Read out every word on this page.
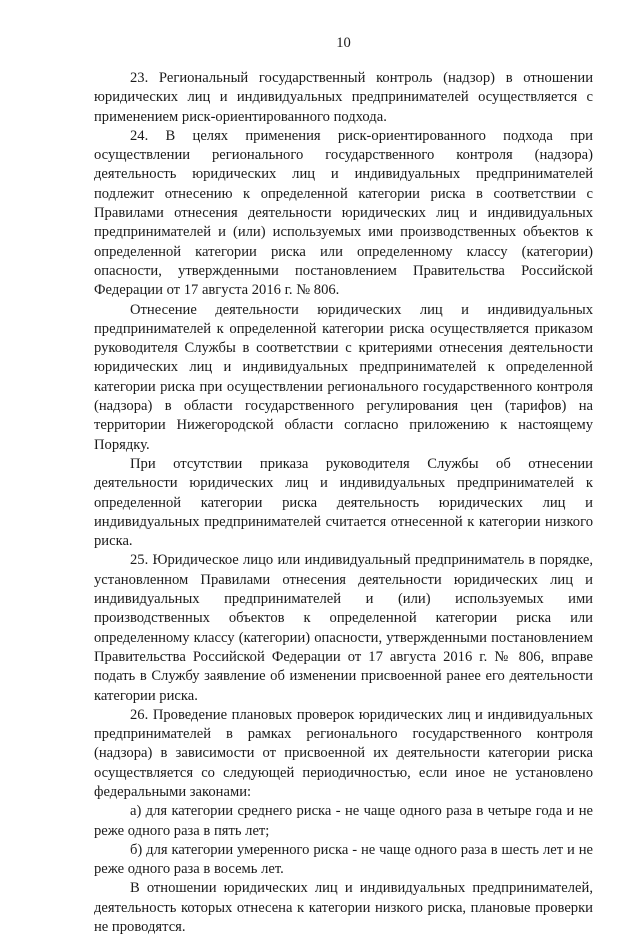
10

23. Региональный государственный контроль (надзор) в отношении юридических лиц и индивидуальных предпринимателей осуществляется с применением риск-ориентированного подхода.

24. В целях применения риск-ориентированного подхода при осуществлении регионального государственного контроля (надзора) деятельность юридических лиц и индивидуальных предпринимателей подлежит отнесению к определенной категории риска в соответствии с Правилами отнесения деятельности юридических лиц и индивидуальных предпринимателей и (или) используемых ими производственных объектов к определенной категории риска или определенному классу (категории) опасности, утвержденными постановлением Правительства Российской Федерации от 17 августа 2016 г. № 806.

Отнесение деятельности юридических лиц и индивидуальных предпринимателей к определенной категории риска осуществляется приказом руководителя Службы в соответствии с критериями отнесения деятельности юридических лиц и индивидуальных предпринимателей к определенной категории риска при осуществлении регионального государственного контроля (надзора) в области государственного регулирования цен (тарифов) на территории Нижегородской области согласно приложению к настоящему Порядку.

При отсутствии приказа руководителя Службы об отнесении деятельности юридических лиц и индивидуальных предпринимателей к определенной категории риска деятельность юридических лиц и индивидуальных предпринимателей считается отнесенной к категории низкого риска.

25. Юридическое лицо или индивидуальный предприниматель в порядке, установленном Правилами отнесения деятельности юридических лиц и индивидуальных предпринимателей и (или) используемых ими производственных объектов к определенной категории риска или определенному классу (категории) опасности, утвержденными постановлением Правительства Российской Федерации от 17 августа 2016 г. № 806, вправе подать в Службу заявление об изменении присвоенной ранее его деятельности категории риска.

26. Проведение плановых проверок юридических лиц и индивидуальных предпринимателей в рамках регионального государственного контроля (надзора) в зависимости от присвоенной их деятельности категории риска осуществляется со следующей периодичностью, если иное не установлено федеральными законами:

а) для категории среднего риска - не чаще одного раза в четыре года и не реже одного раза в пять лет;

б) для категории умеренного риска - не чаще одного раза в шесть лет и не реже одного раза в восемь лет.

В отношении юридических лиц и индивидуальных предпринимателей, деятельность которых отнесена к категории низкого риска, плановые проверки не проводятся.
